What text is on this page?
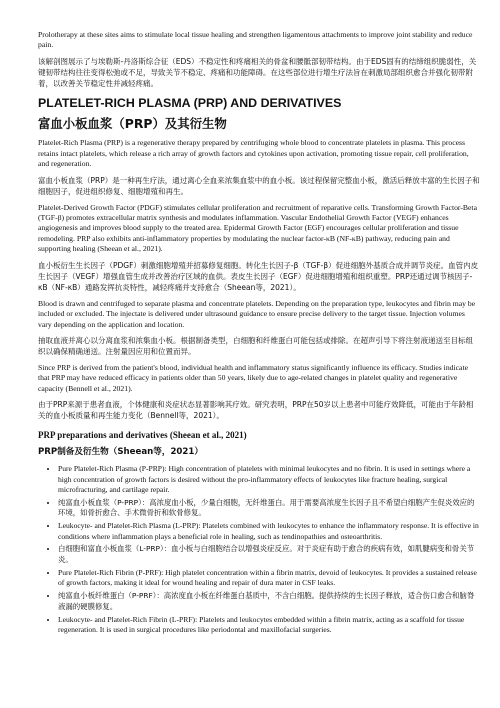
Prolotherapy at these sites aims to stimulate local tissue healing and strengthen ligamentous attachments to improve joint stability and reduce pain.

该解剖图展示了与埃勒斯-丹洛斯综合征（EDS）不稳定性和疼痛相关的骨盆和腰骶部韧带结构。由于EDS固有的结缔组织脆弱性，关键韧带结构往往变得松弛或不足，导致关节不稳定、疼痛和功能障碍。在这些部位进行增生疗法旨在刺激局部组织愈合并强化韧带附着，以改善关节稳定性并减轻疼痛。

PLATELET-RICH PLASMA (PRP) AND DERIVATIVES
富血小板血浆（PRP）及其衍生物

Platelet-Rich Plasma (PRP) is a regenerative therapy prepared by centrifuging whole blood to concentrate platelets in plasma. This process retains intact platelets, which release a rich array of growth factors and cytokines upon activation, promoting tissue repair, cell proliferation, and regeneration.

富血小板血浆（PRP）是一种再生疗法，通过离心全血来浓集血浆中的血小板。该过程保留完整血小板，激活后释放丰富的生长因子和细胞因子，促进组织修复、细胞增殖和再生。

Platelet-Derived Growth Factor (PDGF) stimulates cellular proliferation and recruitment of reparative cells. Transforming Growth Factor-Beta (TGF-β) promotes extracellular matrix synthesis and modulates inflammation. Vascular Endothelial Growth Factor (VEGF) enhances angiogenesis and improves blood supply to the treated area. Epidermal Growth Factor (EGF) encourages cellular proliferation and tissue remodeling. PRP also exhibits anti-inflammatory properties by modulating the nuclear factor-κB (NF-κB) pathway, reducing pain and supporting healing (Sheean et al., 2021).

血小板衍生生长因子（PDGF）刺激细胞增殖并招募修复细胞。转化生长因子-β（TGF-β）促进细胞外基质合成并调节炎症。血管内皮生长因子（VEGF）增强血管生成并改善治疗区域的血供。表皮生长因子（EGF）促进细胞增殖和组织重塑。PRP还通过调节核因子-κB（NF-κB）通路发挥抗炎特性，减轻疼痛并支持愈合（Sheean等，2021）。

Blood is drawn and centrifuged to separate plasma and concentrate platelets. Depending on the preparation type, leukocytes and fibrin may be included or excluded. The injectate is delivered under ultrasound guidance to ensure precise delivery to the target tissue. Injection volumes vary depending on the application and location.

抽取血液并离心以分离血浆和浓集血小板。根据制备类型，白细胞和纤维蛋白可能包括或排除。在超声引导下将注射液递送至目标组织以确保精确递送。注射量因应用和位置而异。

Since PRP is derived from the patient's blood, individual health and inflammatory status significantly influence its efficacy. Studies indicate that PRP may have reduced efficacy in patients older than 50 years, likely due to age-related changes in platelet quality and regenerative capacity (Bennell et al., 2021).

由于PRP来源于患者血液，个体健康和炎症状态显著影响其疗效。研究表明，PRP在50岁以上患者中可能疗效降低，可能由于年龄相关的血小板质量和再生能力变化（Bennell等，2021）。

PRP preparations and derivatives (Sheean et al., 2021)
PRP制备及衍生物（Sheean等，2021）
• Pure Platelet-Rich Plasma (P-PRP): High concentration of platelets with minimal leukocytes and no fibrin. It is used in settings where a high concentration of growth factors is desired without the pro-inflammatory effects of leukocytes like fracture healing, surgical microfracturing, and cartilage repair.
• 纯富血小板血浆（P-PRP）：高浓度血小板，少量白细胞，无纤维蛋白。用于需要高浓度生长因子且不希望白细胞产生促炎效应的环境，如骨折愈合、手术微骨折和软骨修复。
• Leukocyte- and Platelet-Rich Plasma (L-PRP): Platelets combined with leukocytes to enhance the inflammatory response. It is effective in conditions where inflammation plays a beneficial role in healing, such as tendinopathies and osteoarthritis.
• 白细胞和富血小板血浆（L-PRP）：血小板与白细胞结合以增强炎症反应。对于炎症有助于愈合的疾病有效，如肌腱病变和骨关节炎。
• Pure Platelet-Rich Fibrin (P-PRF): High platelet concentration within a fibrin matrix, devoid of leukocytes. It provides a sustained release of growth factors, making it ideal for wound healing and repair of dura mater in CSF leaks.
• 纯富血小板纤维蛋白（P-PRF）：高浓度血小板在纤维蛋白基质中，不含白细胞。提供持续的生长因子释放，适合伤口愈合和脑脊液漏的硬膜修复。
• Leukocyte- and Platelet-Rich Fibrin (L-PRF): Platelets and leukocytes embedded within a fibrin matrix, acting as a scaffold for tissue regeneration. It is used in surgical procedures like periodontal and maxillofacial surgeries.
